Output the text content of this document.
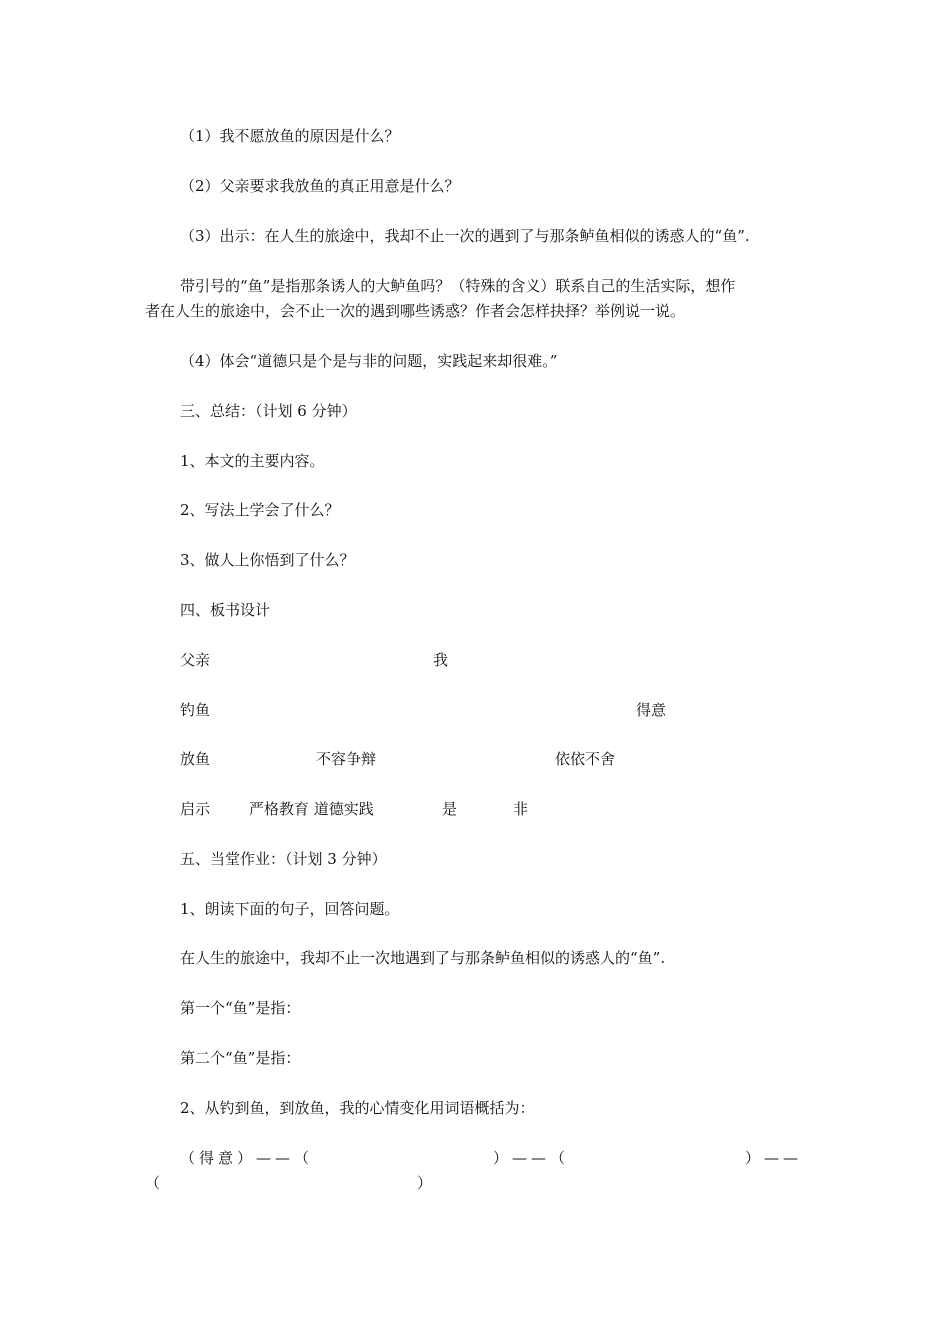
（1）我不愿放鱼的原因是什么？
（2）父亲要求我放鱼的真正用意是什么？
（3）出示：在人生的旅途中，我却不止一次的遇到了与那条鲈鱼相似的诱惑人的“鱼”.
带引号的“鱼”是指那条诱人的大鲈鱼吗？（特殊的含义）联系自己的生活实际，想作
者在人生的旅途中，会不止一次的遇到哪些诱惑？作者会怎样抉择？举例说一说。
（4）体会“道德只是个是与非的问题，实践起来却很难。”
三、总结：（计划 6 分钟）
1、本文的主要内容。
2、写法上学会了什么？
3、做人上你悟到了什么？
四、板书设计
父亲	我
钓鱼	得意
放鱼	不容争辩	依依不舍
启示	严格教育 道德实践	是	非
五、当堂作业：（计划 3 分钟）
1、朗读下面的句子，回答问题。
在人生的旅途中，我却不止一次地遇到了与那条鲈鱼相似的诱惑人的“鱼”.
第一个“鱼”是指：
第二个“鱼”是指：
2、从钓到鱼，到放鱼，我的心情变化用词语概括为：
（得意）——（	）——（	）——
（	）
